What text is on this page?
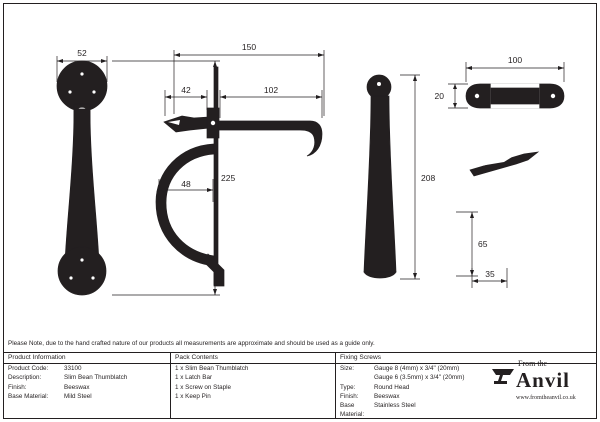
52
225
150
42	102
48
208
100
20
65
35
Please Note, due to the hand crafted nature of our products all measurements are approximate and should be used as a guide only.
Product Information
Product Code:	33100
Description:	Slim Bean Thumblatch
Finish:	Beeswax
Base Material:	Mild Steel
Pack Contents
1 x Slim Bean Thumblatch
1 x Latch Bar
1 x Screw on Staple
1 x Keep Pin
Fixing Screws
Size:	Gauge 8 (4mm) x 3/4" (20mm)
Gauge 6 (3.5mm) x 3/4" (20mm)
Type:	Round Head
Finish:	Beeswax
Base Material:
Stainless Steel
From the
Anvil
www.fromtheanvil.co.uk
